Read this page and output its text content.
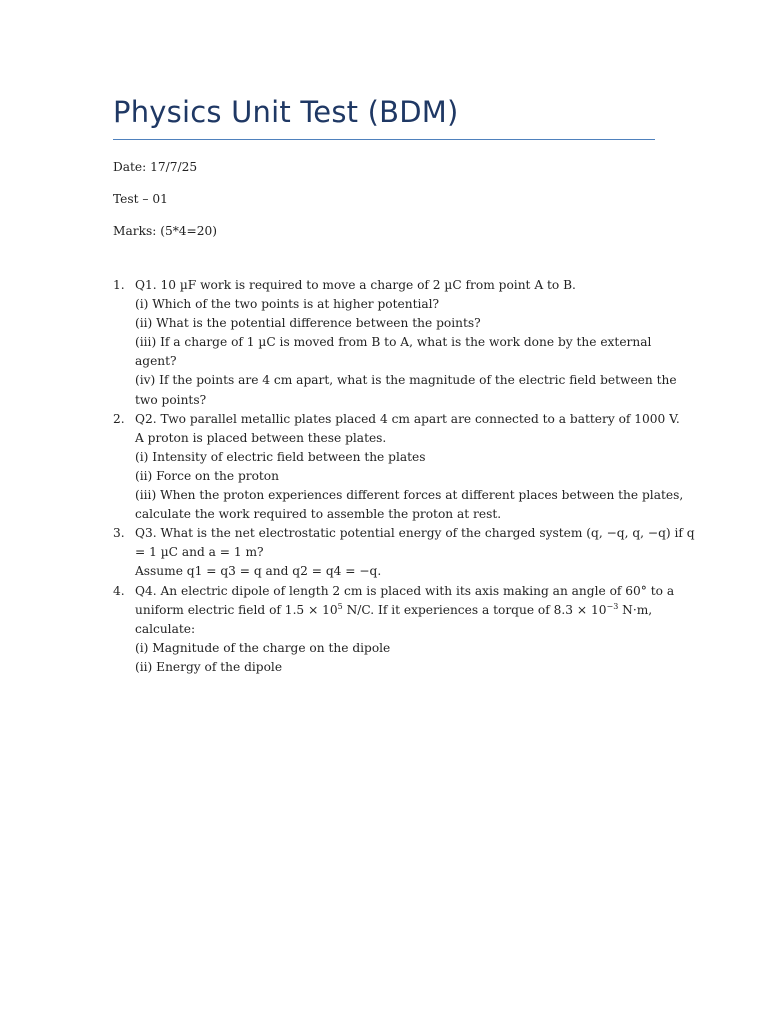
Physics Unit Test (BDM)

Date: 17/7/25

Test – 01

Marks: (5*4=20)

1. Q1. 10 µF work is required to move a charge of 2 µC from point A to B.
(i) Which of the two points is at higher potential?
(ii) What is the potential difference between the points?
(iii) If a charge of 1 µC is moved from B to A, what is the work done by the external
agent?
(iv) If the points are 4 cm apart, what is the magnitude of the electric field between the
two points?
2. Q2. Two parallel metallic plates placed 4 cm apart are connected to a battery of 1000 V.
A proton is placed between these plates.
(i) Intensity of electric field between the plates
(ii) Force on the proton
(iii) When the proton experiences different forces at different places between the plates,
calculate the work required to assemble the proton at rest.
3. Q3. What is the net electrostatic potential energy of the charged system (q, −q, q, −q) if q
= 1 µC and a = 1 m?
Assume q1 = q3 = q and q2 = q4 = −q.
4. Q4. An electric dipole of length 2 cm is placed with its axis making an angle of 60° to a
uniform electric field of $1.5 \times 10^5$ N/C. If it experiences a torque of $8.3 \times 10^{-3}$ N·m,
calculate:
(i) Magnitude of the charge on the dipole
(ii) Energy of the dipole
